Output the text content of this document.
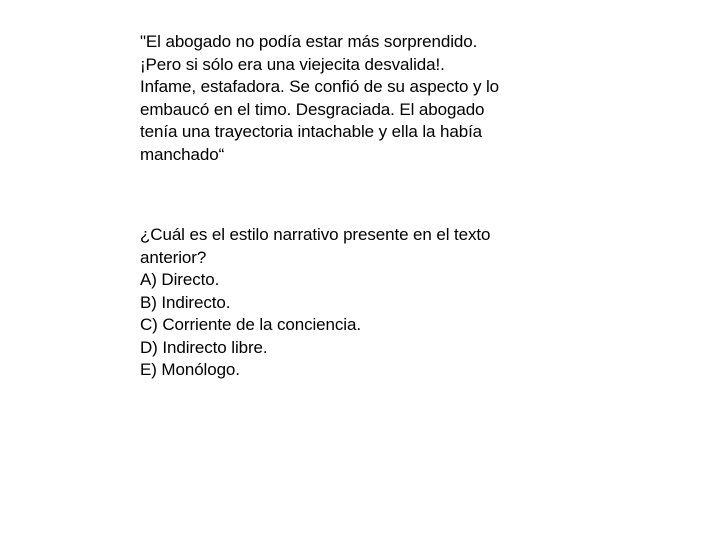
"El abogado no podía estar más sorprendido.
¡Pero si sólo era una viejecita desvalida!.
Infame, estafadora. Se confió de su aspecto y lo
embaucó en el timo. Desgraciada. El abogado
tenía una trayectoria intachable y ella la había
manchado“
¿Cuál es el estilo narrativo presente en el texto
anterior?
A) Directo.
B) Indirecto.
C) Corriente de la conciencia.
D) Indirecto libre.
E) Monólogo.
